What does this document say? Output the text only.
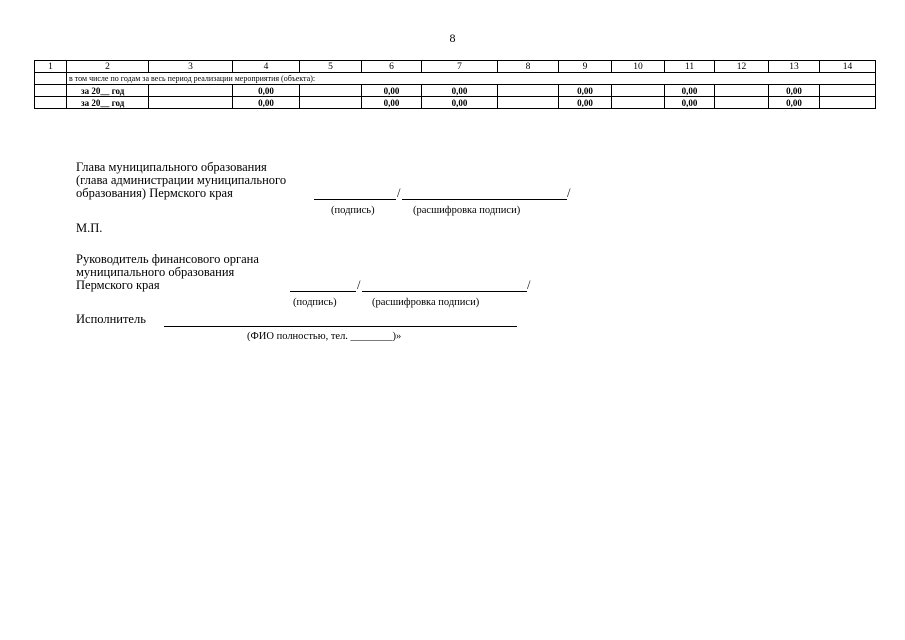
8
1	2	3	4	5	6	7	8	9	10	11	12	13	14
	в том числе по годам за весь период реализации мероприятия (объекта):												
	за 20__ год		0,00		0,00	0,00		0,00		0,00		0,00	
	за 20__ год		0,00		0,00	0,00		0,00		0,00		0,00	
Глава муниципального образования
(глава администрации муниципального
образования) Пермского края	/	/
(подпись)	(расшифровка подписи)
М.П.
Руководитель финансового органа
муниципального образования
Пермского края	/	/
(подпись)	(расшифровка подписи)
Исполнитель
(ФИО полностью, тел. ________)»
